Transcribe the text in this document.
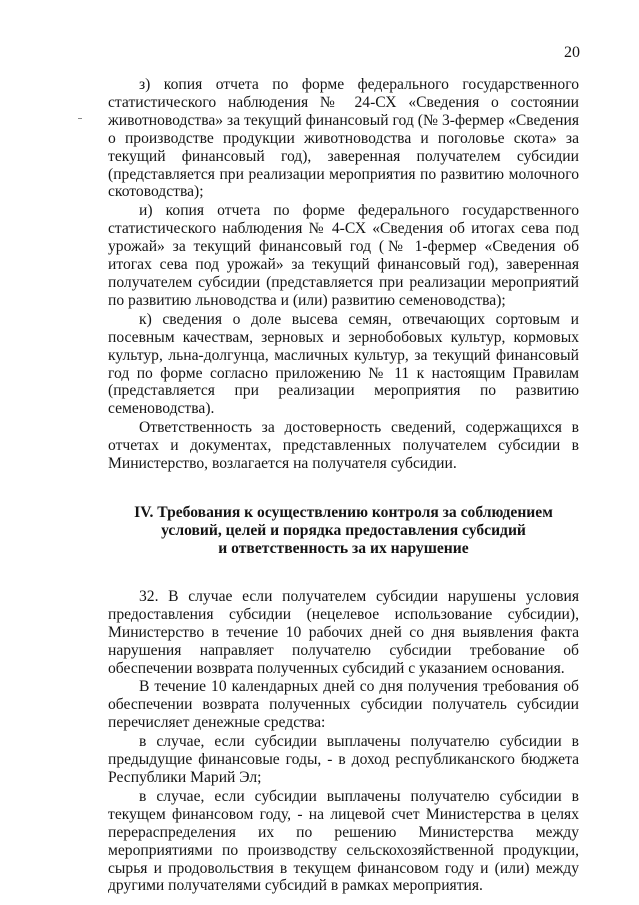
20

з) копия отчета по форме федерального государственного статистического наблюдения № 24-СХ «Сведения о состоянии животноводства» за текущий финансовый год (№ 3-фермер «Сведения о производстве продукции животноводства и поголовье скота» за текущий финансовый год), заверенная получателем субсидии (представляется при реализации мероприятия по развитию молочного скотоводства);

и) копия отчета по форме федерального государственного статистического наблюдения № 4-СХ «Сведения об итогах сева под урожай» за текущий финансовый год (№ 1-фермер «Сведения об итогах сева под урожай» за текущий финансовый год), заверенная получателем субсидии (представляется при реализации мероприятий по развитию льноводства и (или) развитию семеноводства);

к) сведения о доле высева семян, отвечающих сортовым и посевным качествам, зерновых и зернобобовых культур, кормовых культур, льна-долгунца, масличных культур, за текущий финансовый год по форме согласно приложению № 11 к настоящим Правилам (представляется при реализации мероприятия по развитию семеноводства).

Ответственность за достоверность сведений, содержащихся в отчетах и документах, представленных получателем субсидии в Министерство, возлагается на получателя субсидии.

IV. Требования к осуществлению контроля за соблюдением
условий, целей и порядка предоставления субсидий
и ответственность за их нарушение

32. В случае если получателем субсидии нарушены условия предоставления субсидии (нецелевое использование субсидии), Министерство в течение 10 рабочих дней со дня выявления факта нарушения направляет получателю субсидии требование об обеспечении возврата полученных субсидий с указанием основания.

В течение 10 календарных дней со дня получения требования об обеспечении возврата полученных субсидии получатель субсидии перечисляет денежные средства:

в случае, если субсидии выплачены получателю субсидии в предыдущие финансовые годы, - в доход республиканского бюджета Республики Марий Эл;

в случае, если субсидии выплачены получателю субсидии в текущем финансовом году, - на лицевой счет Министерства в целях перераспределения их по решению Министерства между мероприятиями по производству сельскохозяйственной продукции, сырья и продовольствия в текущем финансовом году и (или) между другими получателями субсидий в рамках мероприятия.
